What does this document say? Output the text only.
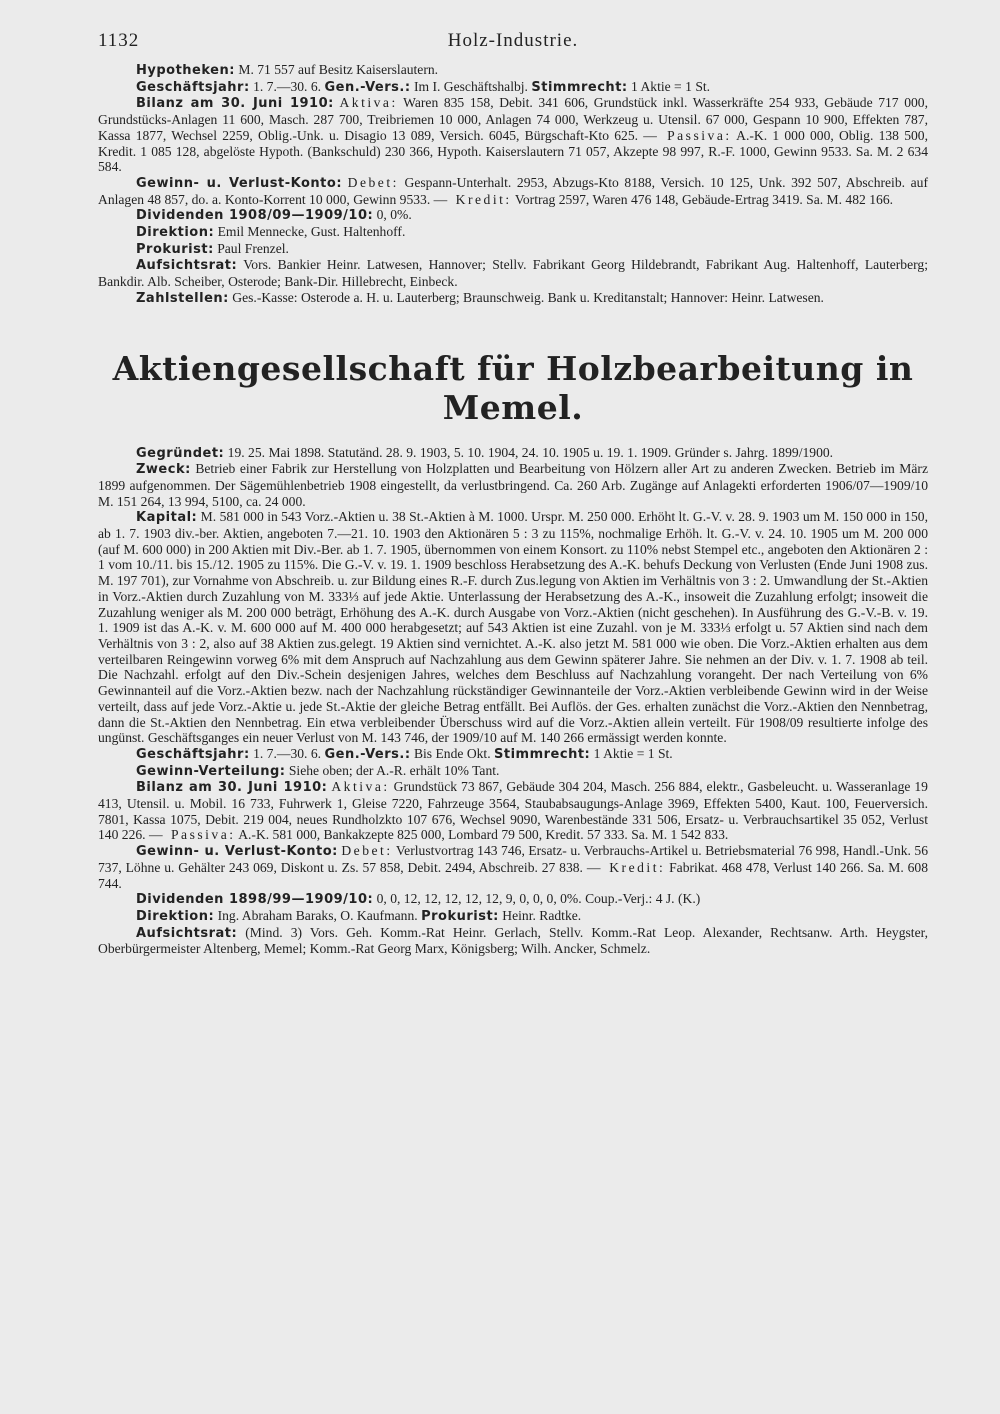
1132	Holz-Industrie.

Hypotheken: M. 71 557 auf Besitz Kaiserslautern.

Geschäftsjahr: 1. 7.—30. 6. Gen.-Vers.: Im I. Geschäftshalbj. Stimmrecht: 1 Aktie = 1 St.

Bilanz am 30. Juni 1910: Aktiva: Waren 835 158, Debit. 341 606, Grundstück inkl. Wasserkräfte 254 933, Gebäude 717 000, Grundstücks-Anlagen 11 600, Masch. 287 700, Treibriemen 10 000, Anlagen 74 000, Werkzeug u. Utensil. 67 000, Gespann 10 900, Effekten 787, Kassa 1877, Wechsel 2259, Oblig.-Unk. u. Disagio 13 089, Versich. 6045, Bürgschaft-Kto 625. — Passiva: A.-K. 1 000 000, Oblig. 138 500, Kredit. 1 085 128, abgelöste Hypoth. (Bankschuld) 230 366, Hypoth. Kaiserslautern 71 057, Akzepte 98 997, R.-F. 1000, Gewinn 9533. Sa. M. 2 634 584.

Gewinn- u. Verlust-Konto: Debet: Gespann-Unterhalt. 2953, Abzugs-Kto 8188, Versich. 10 125, Unk. 392 507, Abschreib. auf Anlagen 48 857, do. a. Konto-Korrent 10 000, Gewinn 9533. — Kredit: Vortrag 2597, Waren 476 148, Gebäude-Ertrag 3419. Sa. M. 482 166.

Dividenden 1908/09—1909/10: 0, 0%.

Direktion: Emil Mennecke, Gust. Haltenhoff.

Prokurist: Paul Frenzel.

Aufsichtsrat: Vors. Bankier Heinr. Latwesen, Hannover; Stellv. Fabrikant Georg Hildebrandt, Fabrikant Aug. Haltenhoff, Lauterberg; Bankdir. Alb. Scheiber, Osterode; Bank-Dir. Hillebrecht, Einbeck.

Zahlstellen: Ges.-Kasse: Osterode a. H. u. Lauterberg; Braunschweig. Bank u. Kreditanstalt; Hannover: Heinr. Latwesen.

Aktiengesellschaft für Holzbearbeitung in Memel.

Gegründet: 19. 25. Mai 1898. Statutänd. 28. 9. 1903, 5. 10. 1904, 24. 10. 1905 u. 19. 1. 1909. Gründer s. Jahrg. 1899/1900.

Zweck: Betrieb einer Fabrik zur Herstellung von Holzplatten und Bearbeitung von Hölzern aller Art zu anderen Zwecken. Betrieb im März 1899 aufgenommen. Der Sägemühlenbetrieb 1908 eingestellt, da verlustbringend. Ca. 260 Arb. Zugänge auf Anlagekti erforderten 1906/07—1909/10 M. 151 264, 13 994, 5100, ca. 24 000.

Kapital: M. 581 000 in 543 Vorz.-Aktien u. 38 St.-Aktien à M. 1000. Urspr. M. 250 000. Erhöht lt. G.-V. v. 28. 9. 1903 um M. 150 000 in 150, ab 1. 7. 1903 div.-ber. Aktien, angeboten 7.—21. 10. 1903 den Aktionären 5 : 3 zu 115%, nochmalige Erhöh. lt. G.-V. v. 24. 10. 1905 um M. 200 000 (auf M. 600 000) in 200 Aktien mit Div.-Ber. ab 1. 7. 1905, übernommen von einem Konsort. zu 110% nebst Stempel etc., angeboten den Aktionären 2 : 1 vom 10./11. bis 15./12. 1905 zu 115%. Die G.-V. v. 19. 1. 1909 beschloss Herabsetzung des A.-K. behufs Deckung von Verlusten (Ende Juni 1908 zus. M. 197 701), zur Vornahme von Abschreib. u. zur Bildung eines R.-F. durch Zus.legung von Aktien im Verhältnis von 3 : 2. Umwandlung der St.-Aktien in Vorz.-Aktien durch Zuzahlung von M. 333⅓ auf jede Aktie. Unterlassung der Herabsetzung des A.-K., insoweit die Zuzahlung erfolgt; insoweit die Zuzahlung weniger als M. 200 000 beträgt, Erhöhung des A.-K. durch Ausgabe von Vorz.-Aktien (nicht geschehen). In Ausführung des G.-V.-B. v. 19. 1. 1909 ist das A.-K. v. M. 600 000 auf M. 400 000 herabgesetzt; auf 543 Aktien ist eine Zuzahl. von je M. 333⅓ erfolgt u. 57 Aktien sind nach dem Verhältnis von 3 : 2, also auf 38 Aktien zus.gelegt. 19 Aktien sind vernichtet. A.-K. also jetzt M. 581 000 wie oben. Die Vorz.-Aktien erhalten aus dem verteilbaren Reingewinn vorweg 6% mit dem Anspruch auf Nachzahlung aus dem Gewinn späterer Jahre. Sie nehmen an der Div. v. 1. 7. 1908 ab teil. Die Nachzahl. erfolgt auf den Div.-Schein desjenigen Jahres, welches dem Beschluss auf Nachzahlung vorangeht. Der nach Verteilung von 6% Gewinnanteil auf die Vorz.-Aktien bezw. nach der Nachzahlung rückständiger Gewinnanteile der Vorz.-Aktien verbleibende Gewinn wird in der Weise verteilt, dass auf jede Vorz.-Aktie u. jede St.-Aktie der gleiche Betrag entfällt. Bei Auflös. der Ges. erhalten zunächst die Vorz.-Aktien den Nennbetrag, dann die St.-Aktien den Nennbetrag. Ein etwa verbleibender Überschuss wird auf die Vorz.-Aktien allein verteilt. Für 1908/09 resultierte infolge des ungünst. Geschäftsganges ein neuer Verlust von M. 143 746, der 1909/10 auf M. 140 266 ermässigt werden konnte.

Geschäftsjahr: 1. 7.—30. 6. Gen.-Vers.: Bis Ende Okt. Stimmrecht: 1 Aktie = 1 St.

Gewinn-Verteilung: Siehe oben; der A.-R. erhält 10% Tant.

Bilanz am 30. Juni 1910: Aktiva: Grundstück 73 867, Gebäude 304 204, Masch. 256 884, elektr., Gasbeleucht. u. Wasseranlage 19 413, Utensil. u. Mobil. 16 733, Fuhrwerk 1, Gleise 7220, Fahrzeuge 3564, Staubabsaugungs-Anlage 3969, Effekten 5400, Kaut. 100, Feuerversich. 7801, Kassa 1075, Debit. 219 004, neues Rundholzkto 107 676, Wechsel 9090, Warenbestände 331 506, Ersatz- u. Verbrauchsartikel 35 052, Verlust 140 226. — Passiva: A.-K. 581 000, Bankakzepte 825 000, Lombard 79 500, Kredit. 57 333. Sa. M. 1 542 833.

Gewinn- u. Verlust-Konto: Debet: Verlustvortrag 143 746, Ersatz- u. Verbrauchs-Artikel u. Betriebsmaterial 76 998, Handl.-Unk. 56 737, Löhne u. Gehälter 243 069, Diskont u. Zs. 57 858, Debit. 2494, Abschreib. 27 838. — Kredit: Fabrikat. 468 478, Verlust 140 266. Sa. M. 608 744.

Dividenden 1898/99—1909/10: 0, 0, 12, 12, 12, 12, 12, 9, 0, 0, 0, 0%. Coup.-Verj.: 4 J. (K.)

Direktion: Ing. Abraham Baraks, O. Kaufmann. Prokurist: Heinr. Radtke.

Aufsichtsrat: (Mind. 3) Vors. Geh. Komm.-Rat Heinr. Gerlach, Stellv. Komm.-Rat Leop. Alexander, Rechtsanw. Arth. Heygster, Oberbürgermeister Altenberg, Memel; Komm.-Rat Georg Marx, Königsberg; Wilh. Ancker, Schmelz.
